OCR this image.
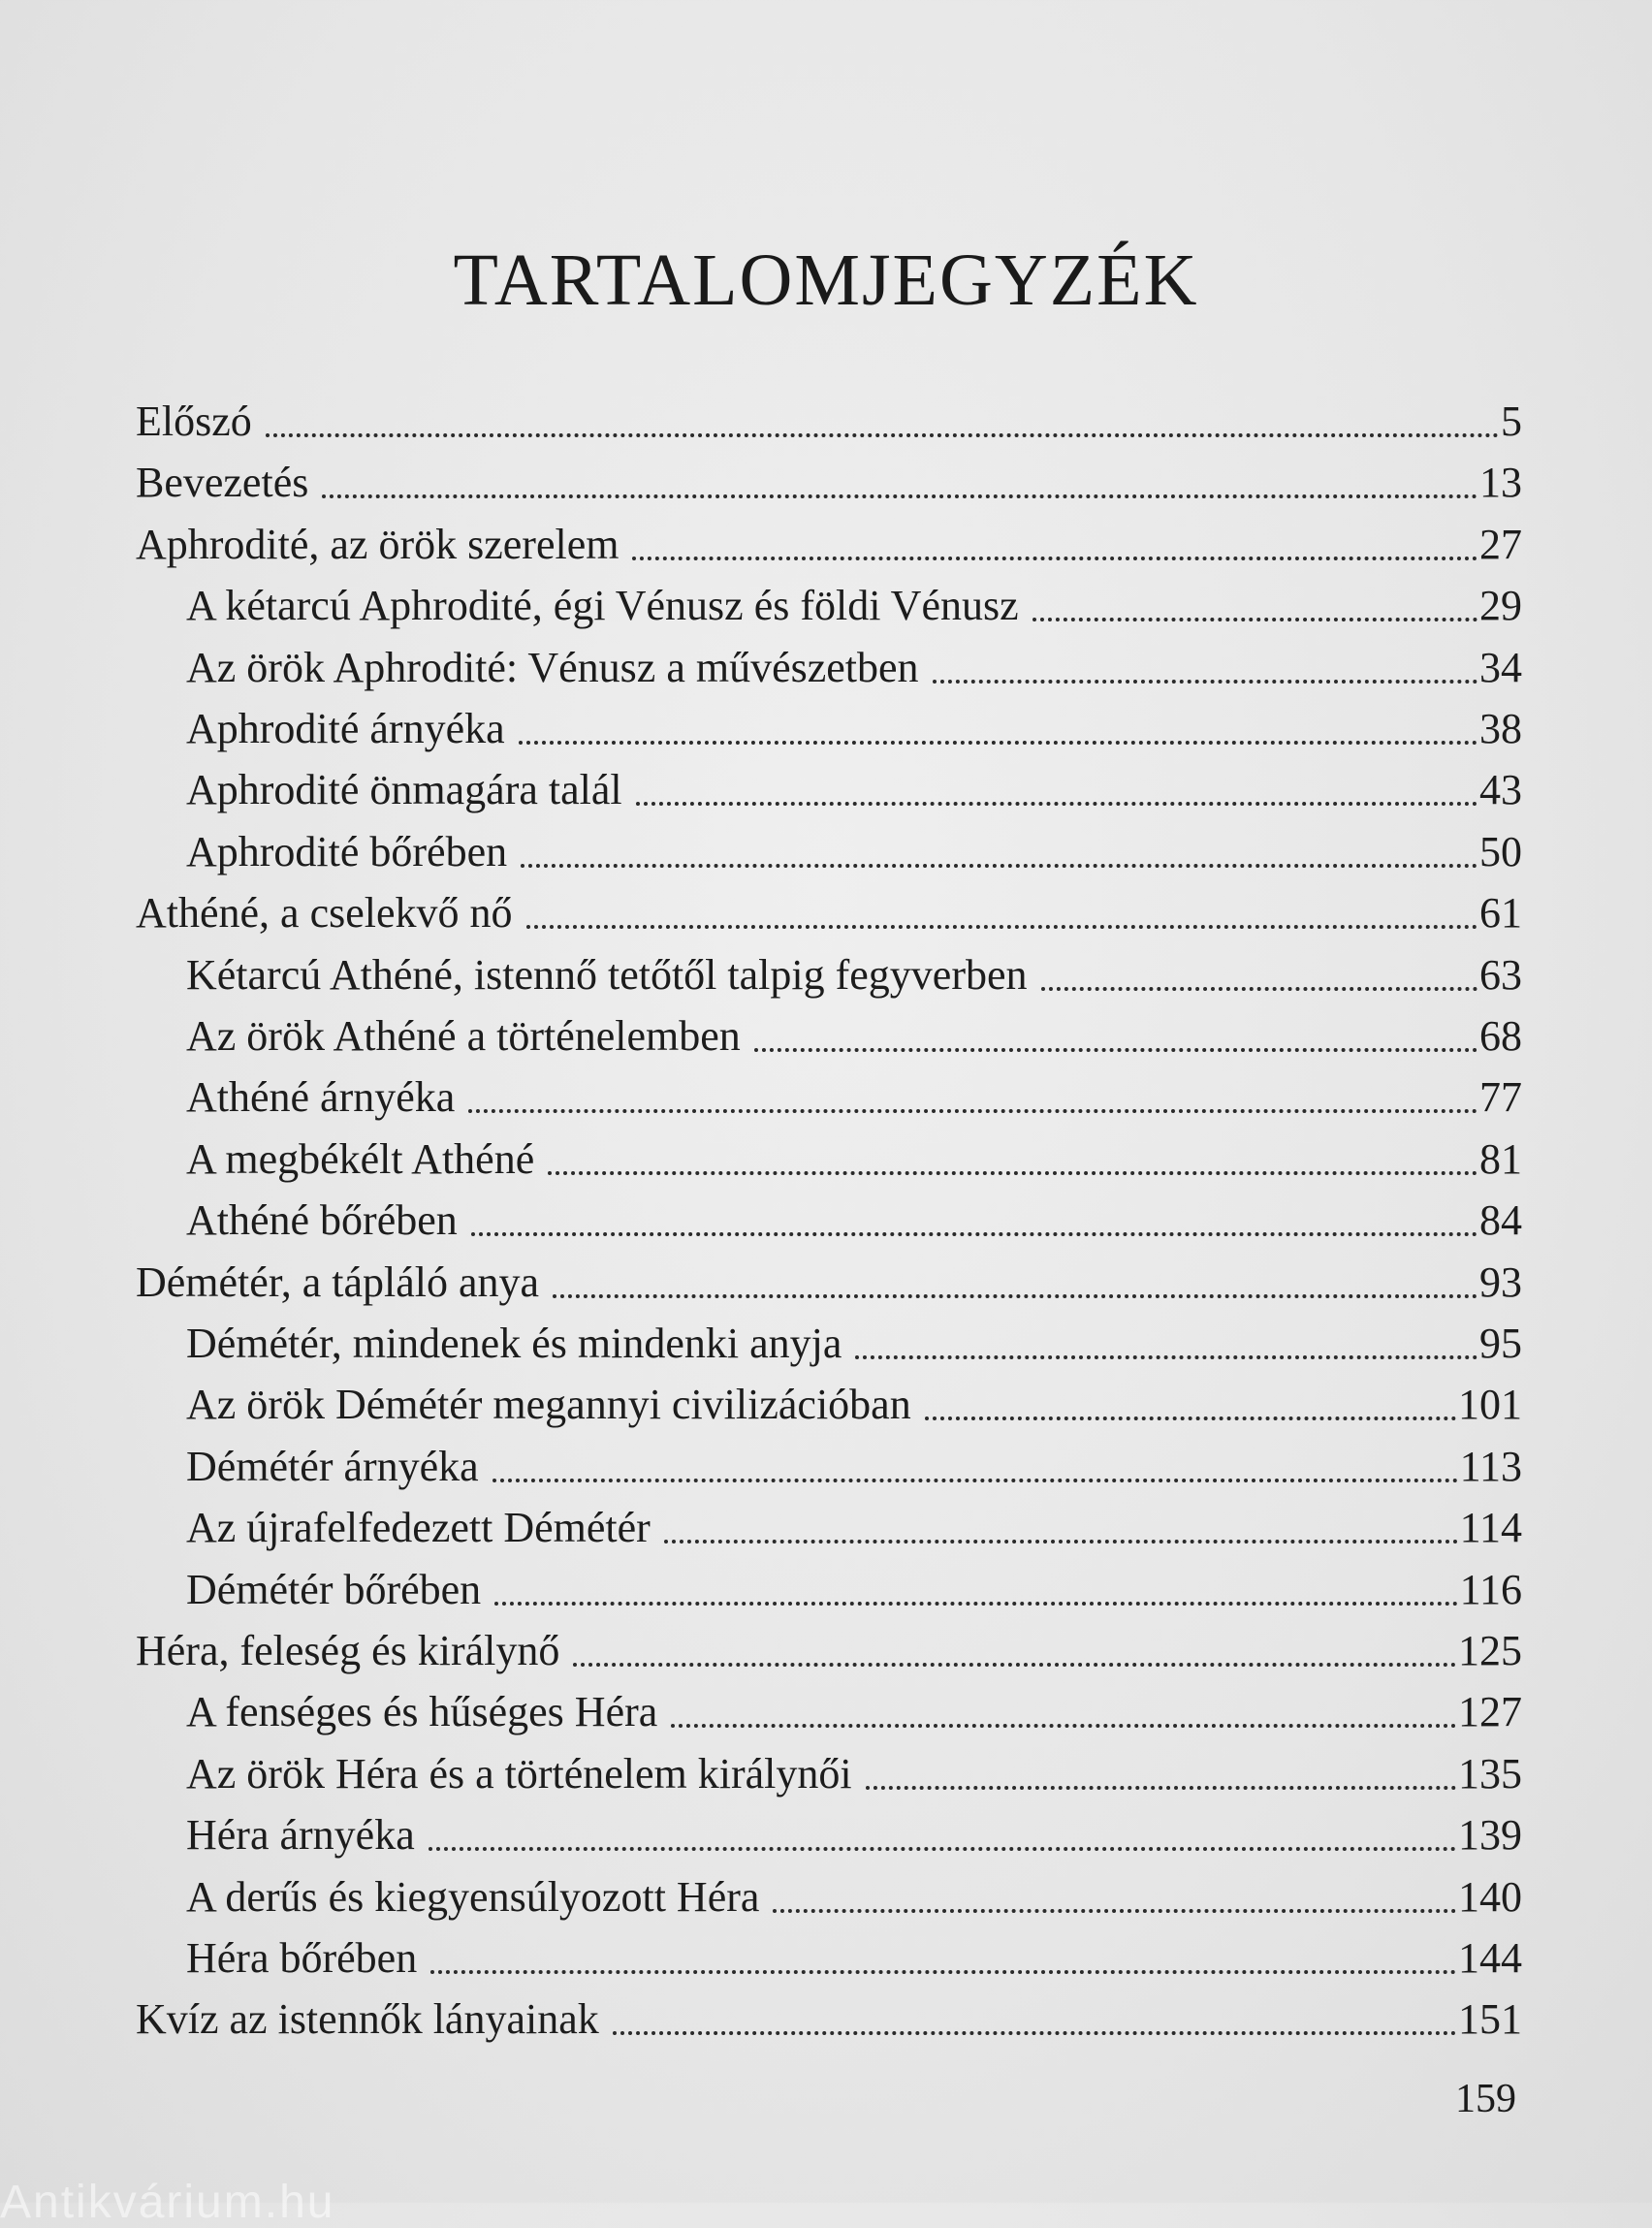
TARTALOMJEGYZÉK
Előszó	5
Bevezetés	13
Aphrodité, az örök szerelem	27
A kétarcú Aphrodité, égi Vénusz és földi Vénusz	29
Az örök Aphrodité: Vénusz a művészetben	34
Aphrodité árnyéka	38
Aphrodité önmagára talál	43
Aphrodité bőrében	50
Athéné, a cselekvő nő	61
Kétarcú Athéné, istennő tetőtől talpig fegyverben	63
Az örök Athéné a történelemben	68
Athéné árnyéka	77
A megbékélt Athéné	81
Athéné bőrében	84
Démétér, a tápláló anya	93
Démétér, mindenek és mindenki anyja	95
Az örök Démétér megannyi civilizációban	101
Démétér árnyéka	113
Az újrafelfedezett Démétér	114
Démétér bőrében	116
Héra, feleség és királynő	125
A fenséges és hűséges Héra	127
Az örök Héra és a történelem királynői	135
Héra árnyéka	139
A derűs és kiegyensúlyozott Héra	140
Héra bőrében	144
Kvíz az istennők lányainak	151
159
Antikvárium.hu
